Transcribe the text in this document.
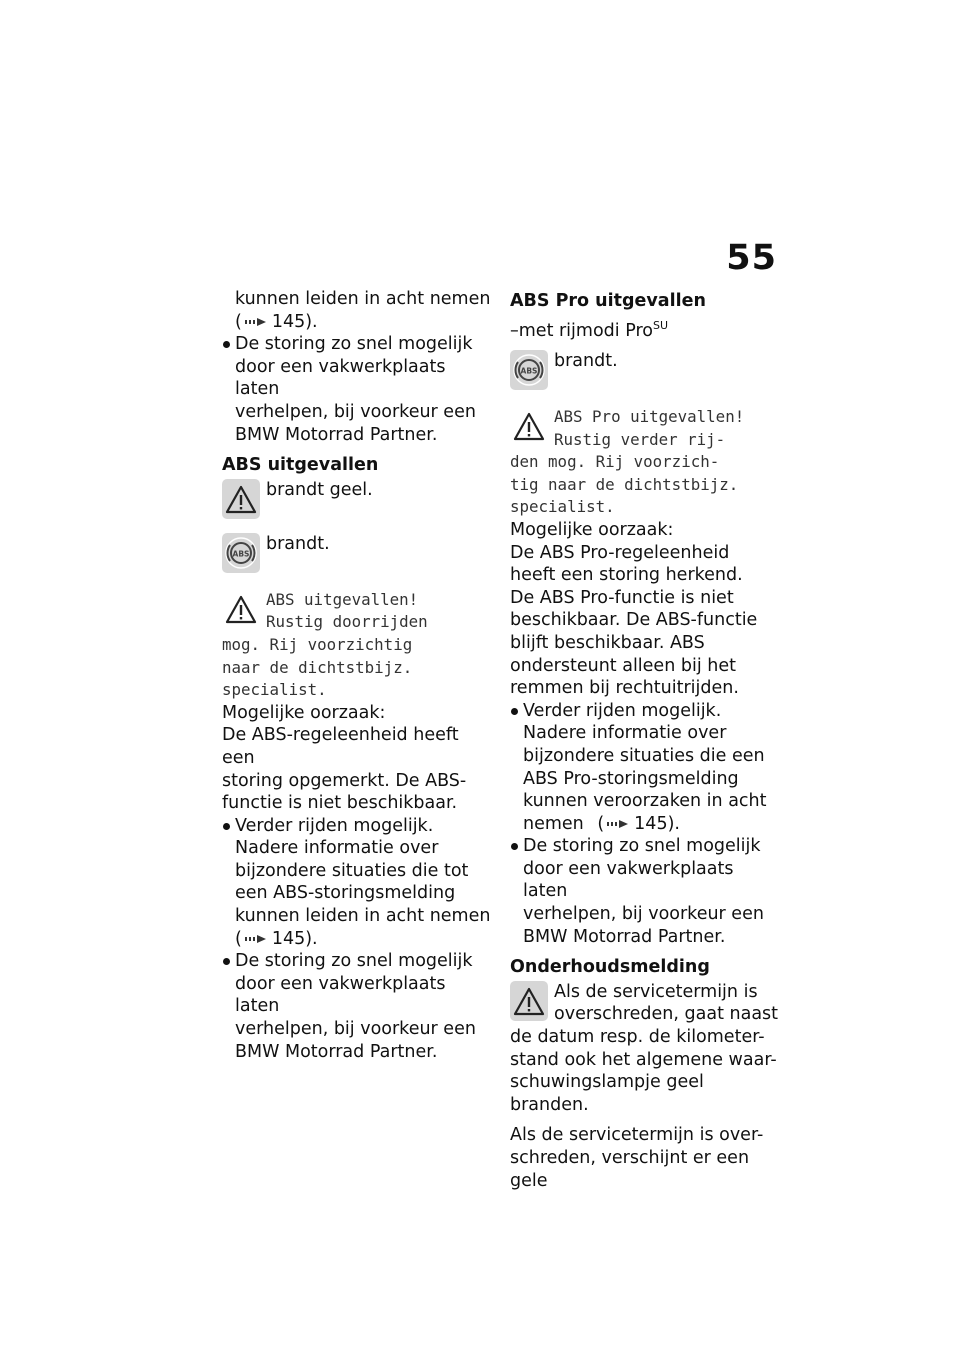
55
kunnen leiden in acht nemen
( 145).
De storing zo snel mogelijk
door een vakwerkplaats laten
verhelpen, bij voorkeur een
BMW Motorrad Partner.
ABS uitgevallen
brandt geel.
ABS brandt.
ABS uitgevallen!
Rustig doorrijden
mog. Rij voorzichtig
naar de dichtstbijz.
specialist.
Mogelijke oorzaak:
De ABS-regeleenheid heeft een
storing opgemerkt. De ABS-
functie is niet beschikbaar.
Verder rijden mogelijk.
Nadere informatie over
bijzondere situaties die tot
een ABS-storingsmelding
kunnen leiden in acht nemen
( 145).
De storing zo snel mogelijk
door een vakwerkplaats laten
verhelpen, bij voorkeur een
BMW Motorrad Partner.
ABS Pro uitgevallen
–met rijmodi Pro$^{SU}$
ABS brandt.
ABS Pro uitgevallen!
Rustig verder rij-
den mog. Rij voorzich-
tig naar de dichtstbijz.
specialist.
Mogelijke oorzaak:
De ABS Pro-regeleenheid
heeft een storing herkend.
De ABS Pro-functie is niet
beschikbaar. De ABS-functie
blijft beschikbaar. ABS
ondersteunt alleen bij het
remmen bij rechtuitrijden.
Verder rijden mogelijk.
Nadere informatie over
bijzondere situaties die een
ABS Pro-storingsmelding
kunnen veroorzaken in acht
nemen ( 145).
De storing zo snel mogelijk
door een vakwerkplaats laten
verhelpen, bij voorkeur een
BMW Motorrad Partner.
Onderhoudsmelding
Als de servicetermijn is
overschreden, gaat naast
de datum resp. de kilometer-
stand ook het algemene waar-
schuwingslampje geel branden.
Als de servicetermijn is over-
schreden, verschijnt er een gele
